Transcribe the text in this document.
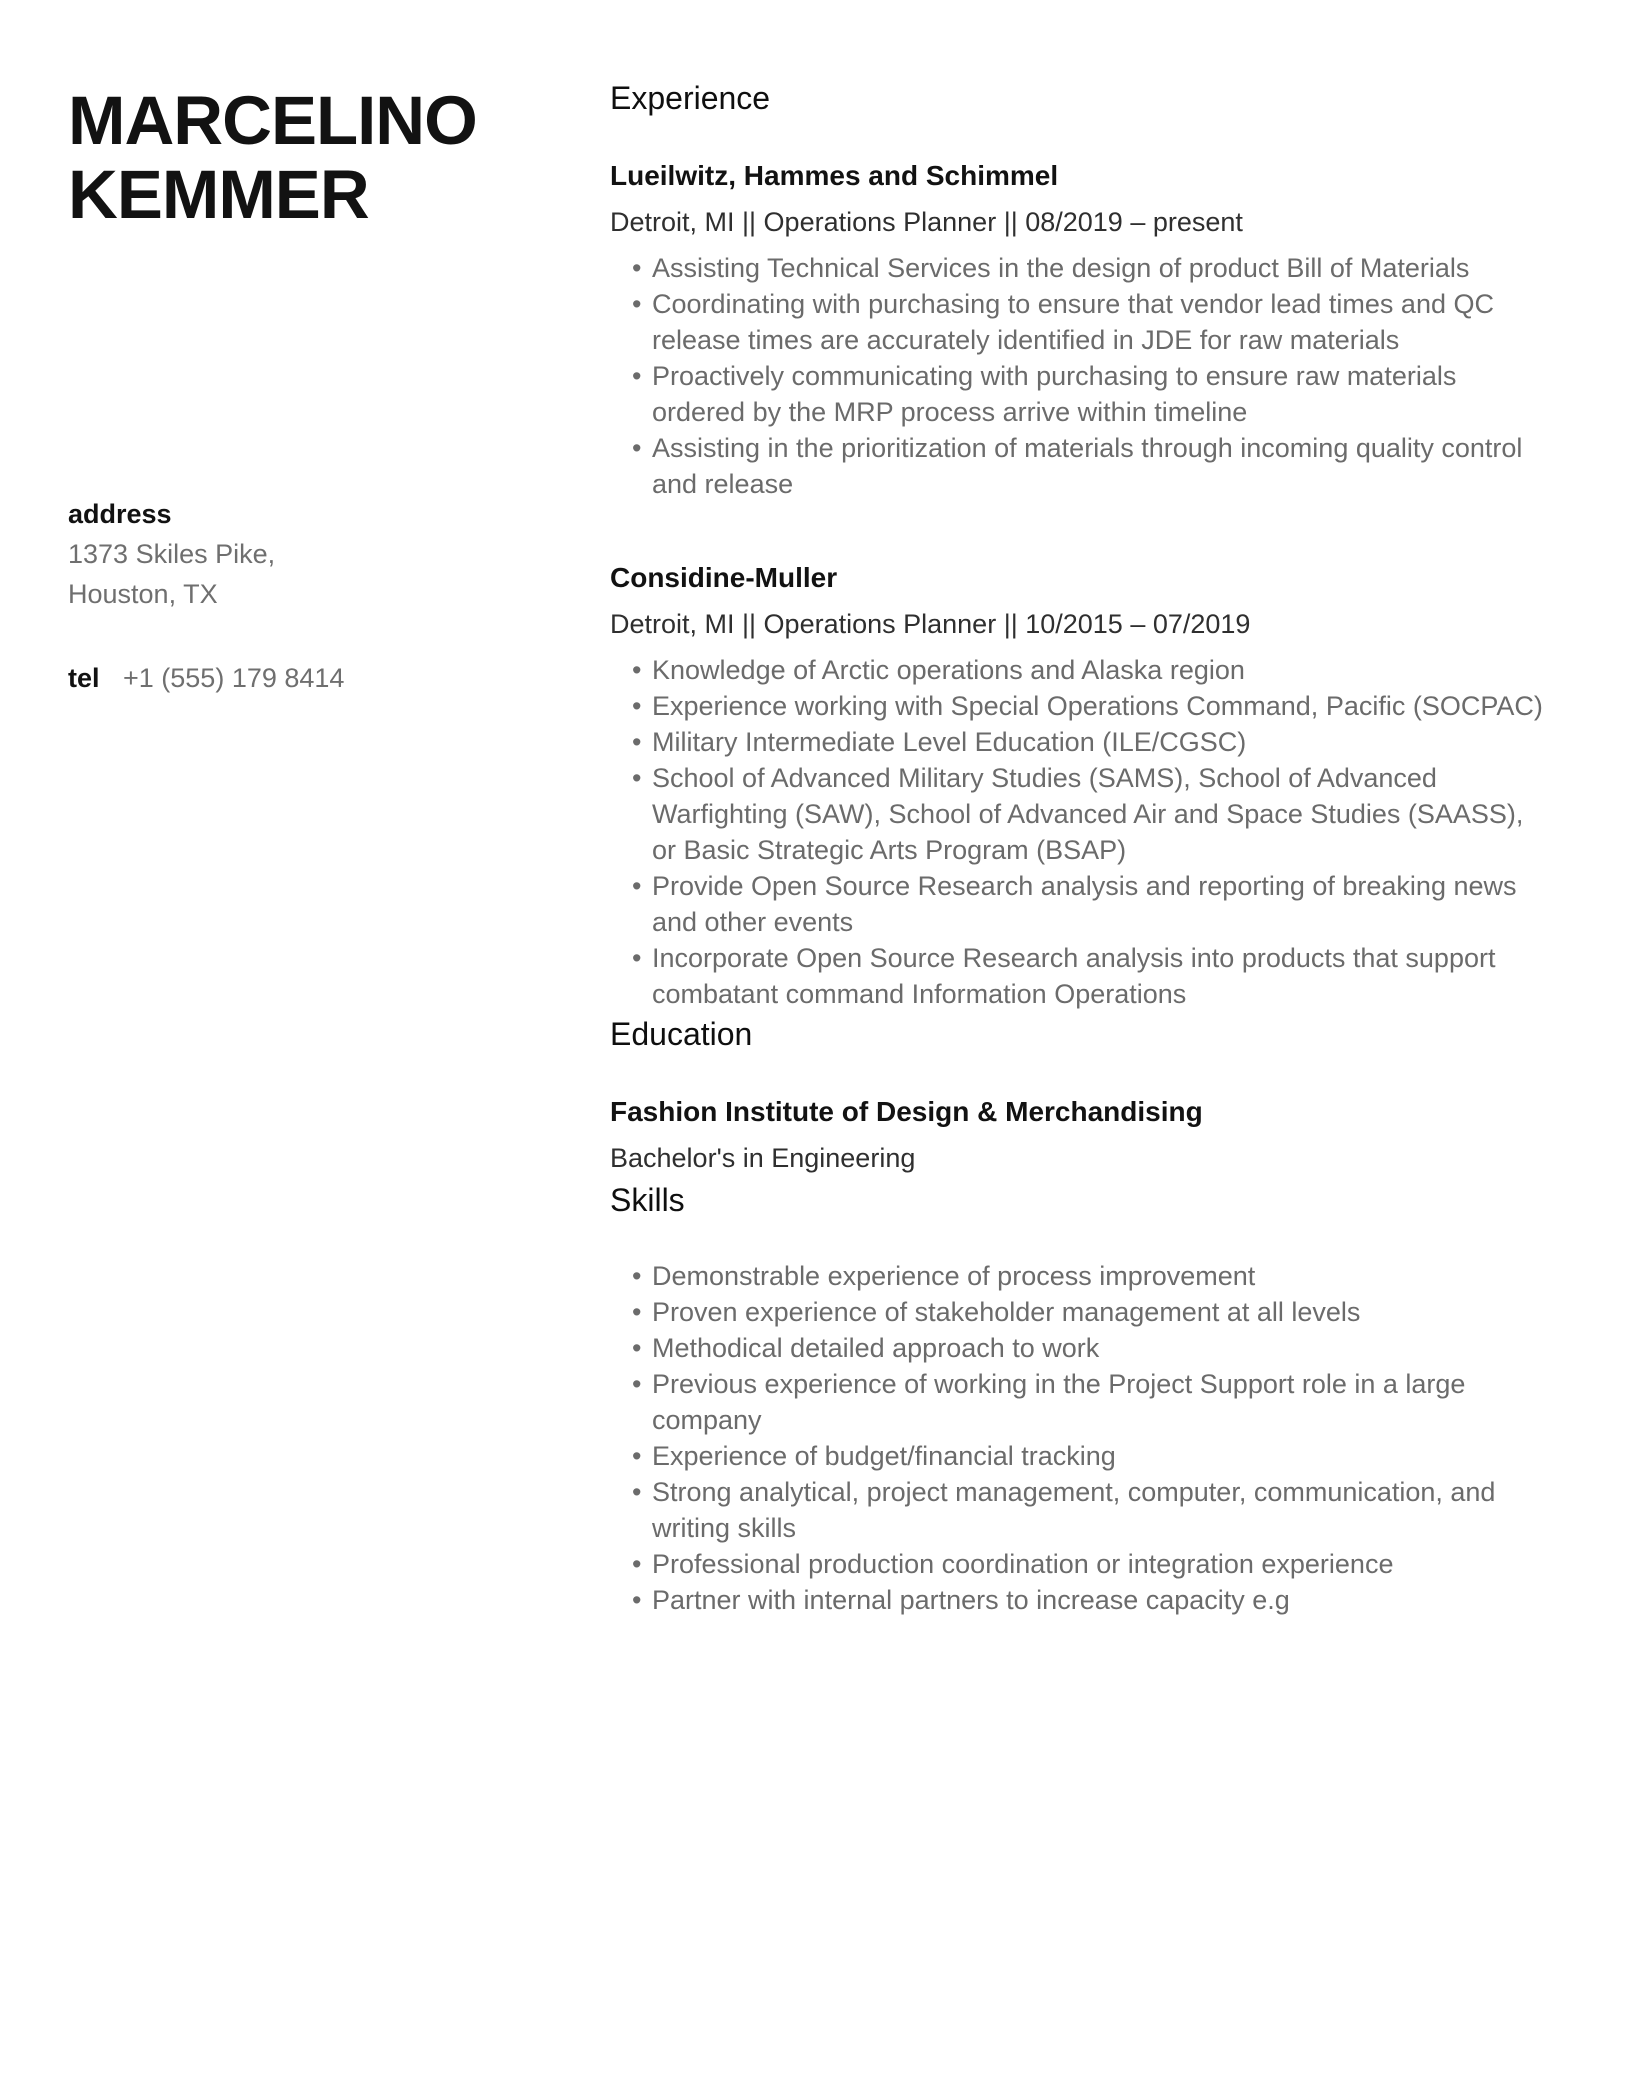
MARCELINO
KEMMER
address
1373 Skiles Pike,
Houston, TX
tel +1 (555) 179 8414
Experience
Lueilwitz, Hammes and Schimmel
Detroit, MI || Operations Planner || 08/2019 – present
• Assisting Technical Services in the design of product Bill of Materials
• Coordinating with purchasing to ensure that vendor lead times and QC release times are accurately identified in JDE for raw materials
• Proactively communicating with purchasing to ensure raw materials ordered by the MRP process arrive within timeline
• Assisting in the prioritization of materials through incoming quality control and release
Considine-Muller
Detroit, MI || Operations Planner || 10/2015 – 07/2019
• Knowledge of Arctic operations and Alaska region
• Experience working with Special Operations Command, Pacific (SOCPAC)
• Military Intermediate Level Education (ILE/CGSC)
• School of Advanced Military Studies (SAMS), School of Advanced Warfighting (SAW), School of Advanced Air and Space Studies (SAASS), or Basic Strategic Arts Program (BSAP)
• Provide Open Source Research analysis and reporting of breaking news and other events
• Incorporate Open Source Research analysis into products that support combatant command Information Operations
Education
Fashion Institute of Design & Merchandising
Bachelor's in Engineering
Skills
• Demonstrable experience of process improvement
• Proven experience of stakeholder management at all levels
• Methodical detailed approach to work
• Previous experience of working in the Project Support role in a large company
• Experience of budget/financial tracking
• Strong analytical, project management, computer, communication, and writing skills
• Professional production coordination or integration experience
• Partner with internal partners to increase capacity e.g
